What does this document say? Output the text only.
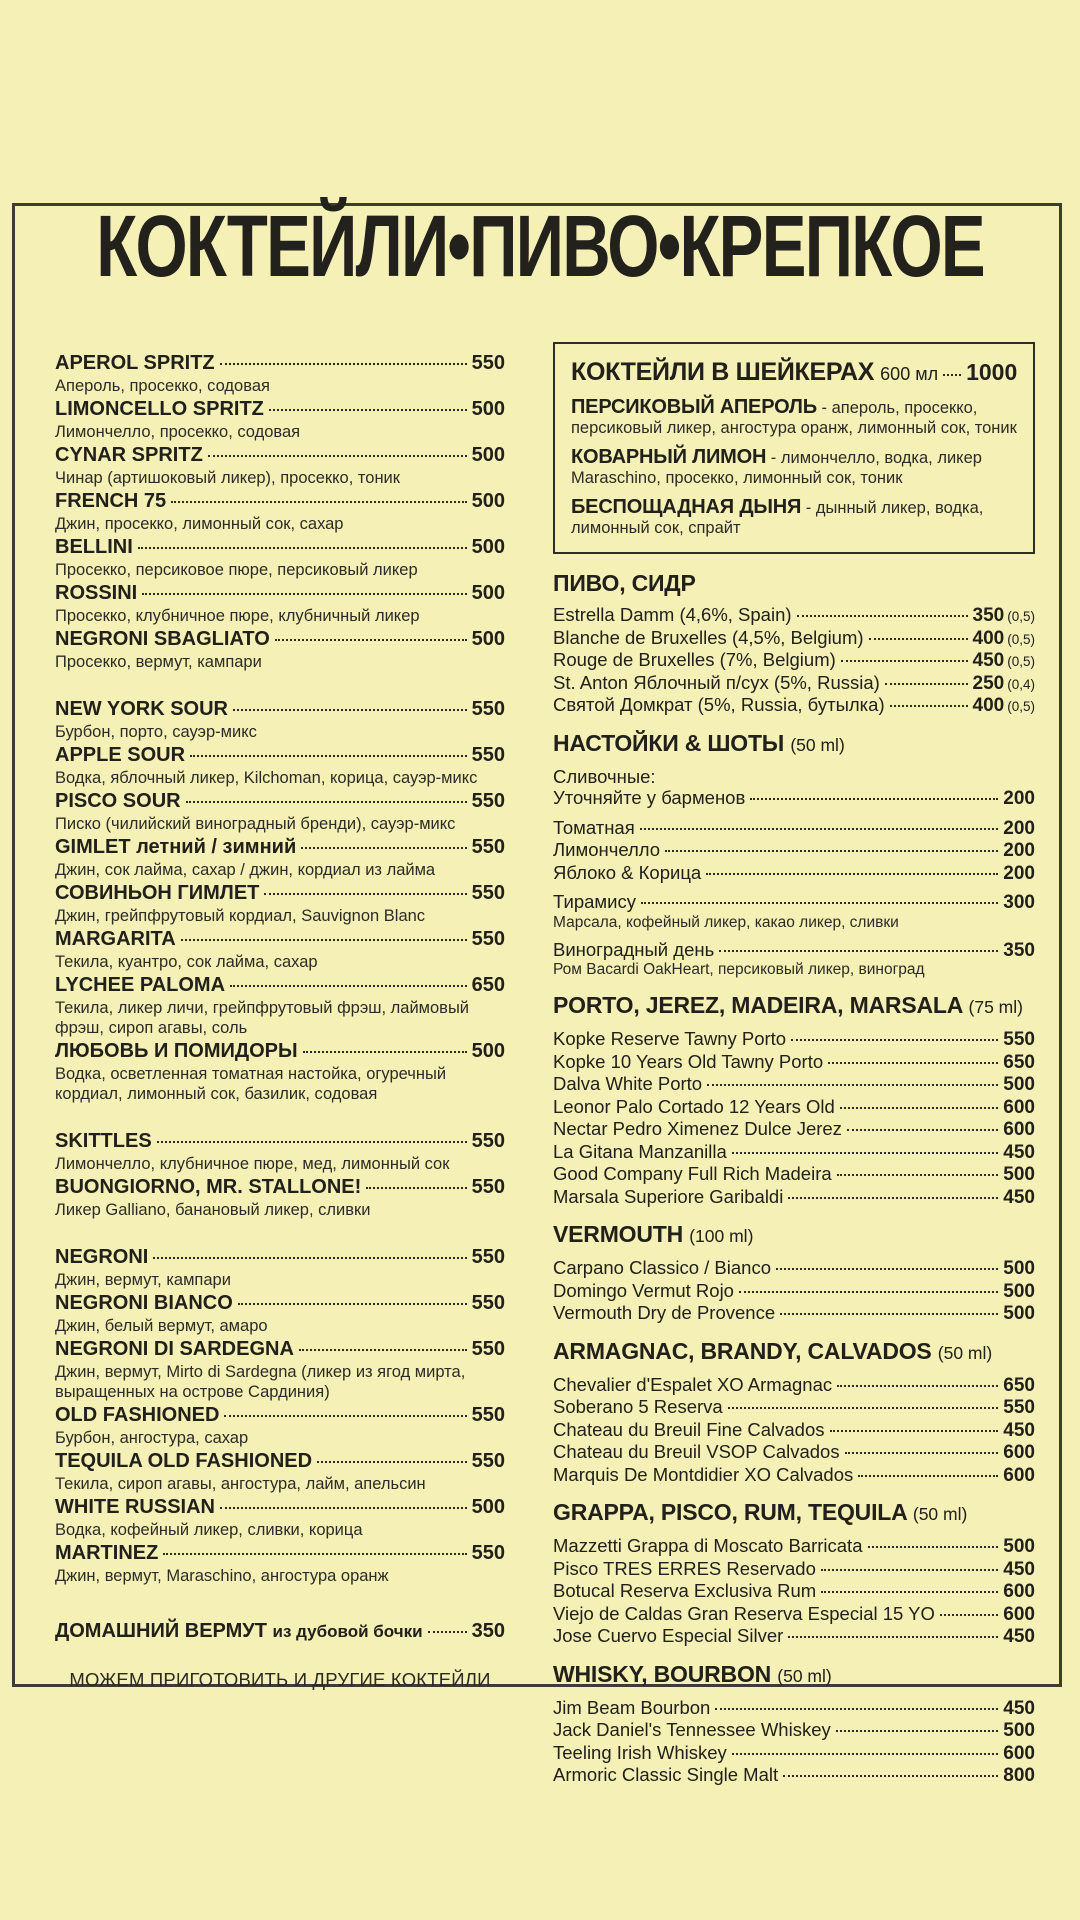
КОКТЕЙЛИ•ПИВО•КРЕПКОЕ
APEROL SPRITZ	550
Апероль, просекко, содовая
LIMONCELLO SPRITZ	500
Лимончелло, просекко, содовая
CYNAR SPRITZ	500
Чинар (артишоковый ликер), просекко, тоник
FRENCH 75	500
Джин, просекко, лимонный сок, сахар
BELLINI	500
Просекко, персиковое пюре, персиковый ликер
ROSSINI	500
Просекко, клубничное пюре, клубничный ликер
NEGRONI SBAGLIATO	500
Просекко, вермут, кампари
NEW YORK SOUR	550
Бурбон, порто, сауэр-микс
APPLE SOUR	550
Водка, яблочный ликер, Kilchoman, корица, сауэр-микс
PISCO SOUR	550
Писко (чилийский виноградный бренди), сауэр-микс
GIMLET летний / зимний	550
Джин, сок лайма, сахар / джин, кордиал из лайма
СОВИНЬОН ГИМЛЕТ	550
Джин, грейпфрутовый кордиал, Sauvignon Blanc
MARGARITA	550
Текила, куантро, сок лайма, сахар
LYCHEE PALOMA	650
Текила, ликер личи, грейпфрутовый фрэш, лаймовый фрэш, сироп агавы, соль
ЛЮБОВЬ И ПОМИДОРЫ	500
Водка, осветленная томатная настойка, огуречный кордиал, лимонный сок, базилик, содовая
SKITTLES	550
Лимончелло, клубничное пюре, мед, лимонный сок
BUONGIORNO, MR. STALLONE!	550
Ликер Galliano, банановый ликер, сливки
NEGRONI	550
Джин, вермут, кампари
NEGRONI BIANCO	550
Джин, белый вермут, амаро
NEGRONI DI SARDEGNA	550
Джин, вермут, Mirto di Sardegna (ликер из ягод мирта, выращенных на острове Сардиния)
OLD FASHIONED	550
Бурбон, ангостура, сахар
TEQUILA OLD FASHIONED	550
Текила, сироп агавы, ангостура, лайм, апельсин
WHITE RUSSIAN	500
Водка, кофейный ликер, сливки, корица
MARTINEZ	550
Джин, вермут, Maraschino, ангостура оранж
ДОМАШНИЙ ВЕРМУТ из дубовой бочки 350
МОЖЕМ ПРИГОТОВИТЬ И ДРУГИЕ КОКТЕЙЛИ
КОКТЕЙЛИ В ШЕЙКЕРАХ 600 мл 1000
ПЕРСИКОВЫЙ АПЕРОЛЬ - апероль, просекко, персиковый ликер, ангостура оранж, лимонный сок, тоник
КОВАРНЫЙ ЛИМОН - лимончелло, водка, ликер Maraschino, просекко, лимонный сок, тоник
БЕСПОЩАДНАЯ ДЫНЯ - дынный ликер, водка, лимонный сок, спрайт
ПИВО, СИДР
Estrella Damm (4,6%, Spain)	350 (0,5)
Blanche de Bruxelles (4,5%, Belgium)	400 (0,5)
Rouge de Bruxelles (7%, Belgium)	450 (0,5)
St. Anton Яблочный п/сух (5%, Russia)	250 (0,4)
Святой Домкрат (5%, Russia, бутылка)	400 (0,5)
НАСТОЙКИ & ШОТЫ (50 ml)
Сливочные:
Уточняйте у барменов	200
Томатная	200
Лимончелло	200
Яблоко & Корица	200
Тирамису	300
Марсала, кофейный ликер, какао ликер, сливки
Виноградный день	350
Ром Bacardi OakHeart, персиковый ликер, виноград
PORTO, JEREZ, MADEIRA, MARSALA (75 ml)
Kopke Reserve Tawny Porto	550
Kopke 10 Years Old Tawny Porto	650
Dalva White Porto	500
Leonor Palo Cortado 12 Years Old	600
Nectar Pedro Ximenez Dulce Jerez	600
La Gitana Manzanilla	450
Good Company Full Rich Madeira	500
Marsala Superiore Garibaldi	450
VERMOUTH (100 ml)
Carpano Classico / Bianco	500
Domingo Vermut Rojo	500
Vermouth Dry de Provence	500
ARMAGNAC, BRANDY, CALVADOS (50 ml)
Chevalier d'Espalet XO Armagnac	650
Soberano 5 Reserva	550
Chateau du Breuil Fine Calvados	450
Chateau du Breuil VSOP Calvados	600
Marquis De Montdidier XO Calvados	600
GRAPPA, PISCO, RUM, TEQUILA (50 ml)
Mazzetti Grappa di Moscato Barricata	500
Pisco TRES ERRES Reservado	450
Botucal Reserva Exclusiva Rum	600
Viejo de Caldas Gran Reserva Especial 15 YO	600
Jose Cuervo Especial Silver	450
WHISKY, BOURBON (50 ml)
Jim Beam Bourbon	450
Jack Daniel's Tennessee Whiskey	500
Teeling Irish Whiskey	600
Armoric Classic Single Malt	800
